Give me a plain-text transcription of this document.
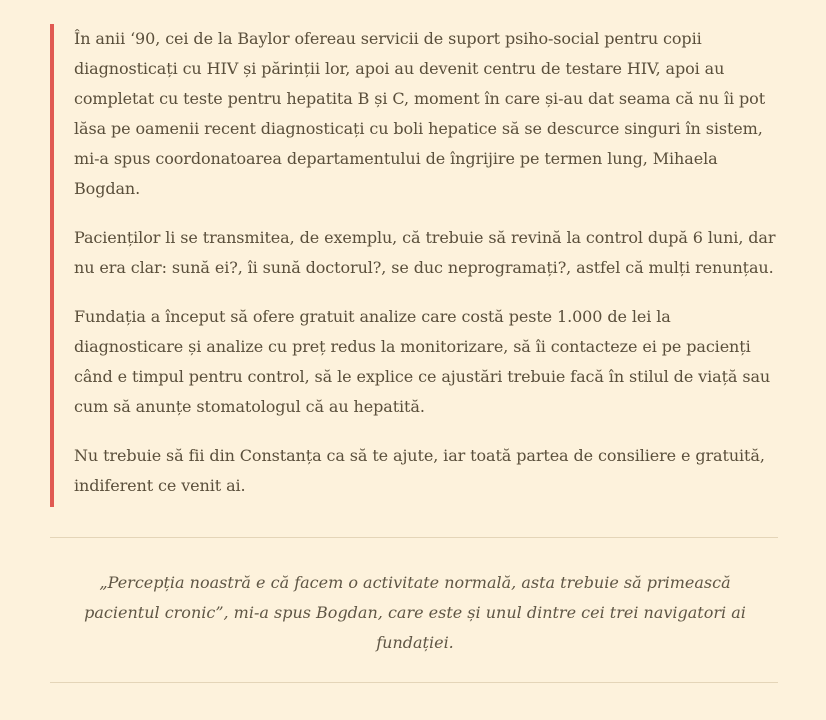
În anii ‘90, cei de la Baylor ofereau servicii de suport psiho-social pentru copii diagnosticați cu HIV și părinții lor, apoi au devenit centru de testare HIV, apoi au completat cu teste pentru hepatita B și C, moment în care și-au dat seama că nu îi pot lăsa pe oamenii recent diagnosticați cu boli hepatice să se descurce singuri în sistem, mi-a spus coordonatoarea departamentului de îngrijire pe termen lung, Mihaela Bogdan.

Pacienților li se transmitea, de exemplu, că trebuie să revină la control după 6 luni, dar nu era clar: sună ei?, îi sună doctorul?, se duc neprogramați?, astfel că mulți renunțau.

Fundația a început să ofere gratuit analize care costă peste 1.000 de lei la diagnosticare și analize cu preț redus la monitorizare, să îi contacteze ei pe pacienți când e timpul pentru control, să le explice ce ajustări trebuie facă în stilul de viață sau cum să anunțe stomatologul că au hepatită.

Nu trebuie să fii din Constanța ca să te ajute, iar toată partea de consiliere e gratuită, indiferent ce venit ai.

„Percepția noastră e că facem o activitate normală, asta trebuie să primească pacientul cronic”, mi-a spus Bogdan, care este și unul dintre cei trei navigatori ai fundației.
